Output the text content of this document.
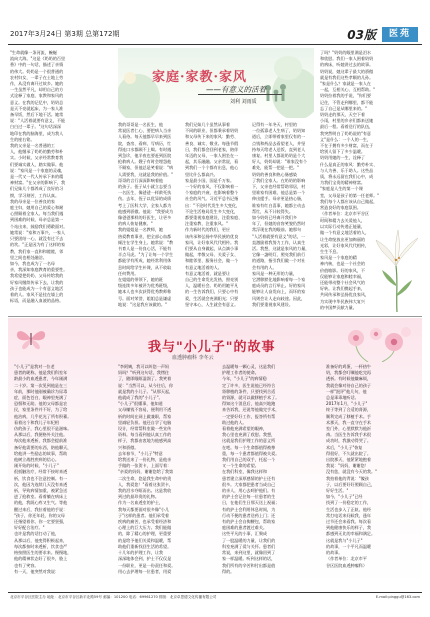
2017年3月24日 第3期 总第172期	03版	医苑
"生命就像一条河流，蜿蜒
流向大海。"这是《奶奶的百里
香》中的一句话，描述了亲情
的伟大。奶奶是一个很普通的
农村妇女，一辈子在土地上劳
作，从没有离开过故乡。她的
一生虽然平凡，却用自己的方
式诠释了家庭、家教和家风的
意义。在我的记忆中，奶奶总
是天不亮就起床，为一家人准
备早饭，然后下地干活。她常
说："人活着就要有意义，不能
白白过一辈子。"这句话深深
地印在我的脑海里，成为我人
生的座右铭。
我的父亲是一名普通的工
人，他继承了奶奶的勤劳和朴
实。小时候，父亲经常教育我
们要诚实做人，踏实做事。他
说："家风是一个家庭的灵魂，
是一代又一代人传承下来的精
神财富。"在父亲的影响下，我
们兄妹几个都养成了良好的习
惯，学习刻苦，工作认真。
我的母亲是一位善良的家
庭主妇，她用自己的爱心和耐
心照顾着全家人。每当我们遇
到困难的时候，母亲总是第一
个站出来，鼓励我们勇敢面对。
她常说："家和万事兴，一家人
只要团结一心，就没有过不去
的坎。"正是因为有了这样的家
教，我们家一直和和睦睦，邻
里之间也相处融洽。
如今，我也成为了一名母
亲，我深知家庭教育的重要性。
我希望把奶奶、父母传给我的
好家风继续传承下去，让我的
孩子也能成为一个有意义地活
着的人。家风不是挂在墙上的
标语，而是融入血液的品格。
家庭·家教·家风
——有意义的活着
刘利 刘雨质
我的哥哥是一名医生，他
常说医者仁心，要把病人当亲
人看待。每天他都早早来到医
院，查房、看病、写病历，忙
得连口水都顾不上喝。有时遇
到急诊，他半夜也要赶到医院
抢救病人。嫂子有时会埋怨他
不顾家，但他总是笑着说："病
人需要我，这就是我的价值。"
哥哥的言行深深影响着他
的孩子。侄子从小就立志要当
一名医生，像爸爸一样救死扶
伤。去年，侄子以优异的成绩
考上了医科大学，全家人都为
他感到骄傲。他说："我要成为
像爸爸那样的好医生，让更多
的病人恢复健康。"
我的姐姐是一名教师，她
热爱教育事业，把全部心血都
倾注在学生身上。她常说："教
书育人是一份良心活，不能有
半点马虎。"为了让每一个学生
都能学有所成，她经常利用休
息时间给学生补课，从不收取
任何费用。
在姐姐的带领下，她的班
级连续多年被评为优秀班级，
她本人也多次获得优秀教师称
号。面对荣誉，姐姐总是谦虚
地说："这是我应该做的。"
我们兄妹几个虽然从事着
不同的职业，但都秉承着奶奶
和父母传下来的家风：勤劳、
善良、诚实、敬业。每逢节假
日，我们都会回到老家，陪伴
年迈的父母，一家人围坐在一
起，其乐融融。父亲常说，看
到我们一个个都有出息，他心
里比什么都高兴。
家是最小国，国是千万家。
一个好的家风，不仅影响着一
个家庭的兴衰，也影响着整个
社会的风气。习近平总书记指
出："不论时代发生多大变化，
不论生活格局发生多大变化，
都要重视家庭建设，注重家庭、
注重家教、注重家风。"
作为新时代的我们，更应
该传承和弘扬中华民族的优良
家风，让好家风代代相传。我
们要从自身做起，从点滴小事
做起，孝敬父母、关爱子女、
和睦邻里、服务社会，做一个
有意义地活着的人。
有意义地活着，就是要让
自己的生命发光发热，照亮别
人，温暖社会。奶奶用她平凡
的一生告诉我们，只要心中有
爱，生活就会充满阳光；只要
坚守本心，人生就会有意义。
记得有一年冬天，村里的
一位孤寡老人生病了，奶奶知
道后，立即带着家里仅有的一
点钱和药品去看望老人，并坚
持每天给老人送饭，直到老人
康复。村里人都说奶奶是个大
好人，奶奶却说："谁家没有个
难处，能帮一把是一把。"
奶奶的善良和热心肠感染
了我们全家人。在奶奶的影响
下，父亲也经常帮助邻居，村
里谁家有困难，他总是第一个
伸出援手。母亲更是热心肠，
谁家有红白喜事，她都主动去
帮忙，从不计较得失。
如今奶奶已经离开我们多
年了，但她的音容笑貌仍然时
常浮现在我的眼前。她那句
"人活着就要有意义"的话，一
直激励着我努力工作，认真生
活。我想，这就是家风的力量，
它像一盏明灯，照亮我们前行
的道路，指引我们做一个对社
会有用的人。
家风是一种无形的力量，
它潜移默化地影响着每一个家
庭成员的言行举止。好的家风
能够让人奋发向上，而坏的家
风则会让人走向歧途。因此，
我们要重视家风建设。
了吗？"奶奶的眼里满是泪水
和欣慰。我们一家人围着奶奶
的病床，听她讲过去的故事。
奶奶说，她这辈子最大的骄傲
就是有我们这些孝顺的儿孙。
"家是什么？家就是一家人在
一起，互相关心、互相帮助。"
奶奶拉着我的手说，"你们要
记住，不管走到哪里，都不能
忘了自己是从哪里来的。"
奶奶走的那天，天空下着
小雨，村里的乡亲们都来送她
最后一程。看着送行的队伍，
我突然明白了奶奶说的"有意
义"是什么：一个人的一生，
不在于拥有多少财富，而在于
给别人留下了多少温暖。
奶奶用她的一生，诠释了
什么是真正的家风：勤劳朴实、
与人为善、乐于助人。这些品
质，将永远留在我们心中，成
为我们宝贵的精神财富。
"家庭是人生的第一个课
堂，父母是孩子的第一任老师。"
我们每个人都应该从自己做起，
营造良好的家庭氛围。
（作者单位：北京市平谷区
时间和精力去关爱他人，
以实际行动传递正能量，
做一个有意义地活着的人，
让生命绽放出更加绚丽的
光彩，让好家风代代相传，
生生不息。
家风是一个家庭的精
神内核，也是一个社会的
价值缩影。好的家风，不
仅能够让家庭和睦幸福，
还能带动整个社会风气的
好转。让我们携起手来，
共同传承和弘扬优良家风，
为实现中华民族伟大复兴
的中国梦贡献力量。
我与"小儿子"的故事
血透肿瘤科 李冬云
"小儿子"是我对一位老
患者的昵称，他是我们科室年
龄最小的血透患者，今年刚满
二十岁。第一次见到他是在三
年前，那时他刚被确诊为尿毒
症，面色苍白，眼神里充满了
恐惧和无助。他的父母都是农
民，家里条件并不好，为了给
他治病，几乎花光了所有积蓄。
看着这个和我儿子年纪相
仿的孩子，我心里很不是滋味。
从那以后，我便格外关注他。
每次他来透析，我都会提前准
备好他需要的东西，陪他聊天，
给他讲一些励志的故事，帮助
他树立战胜疾病的信心。
刚开始的时候，"小儿子"
很抵触治疗，经常不按时来透
析，饮食也不注意控制。有一
次，他因为连续几天没有来透
析，导致病情加重，被紧急送
进了抢救室。看着躺在病床上
的他，我既心疼又生气。等他
醒过来后，我拉着他的手说：
"孩子，你还年轻，你的父母
还指望着你，你一定要坚强，
好好配合治疗。"
也许是我的话打动了他，
从那以后，他变得积极起来，
每次都按时来透析，饮食也严
格按照医生的要求来。慢慢地，
他的精神状态好了很多，脸上
也有了笑容。
有一天，他突然对我说：
"李阿姨，我可以叫您一声妈
妈吗？"听到这句话，我愣住
了，随即眼眶湿润了。我笑着
说："当然可以，从今往后，你
就是我的小儿子。"从那天起，
他就成了我的"小儿子"。
"小儿子"很懂事，他知道
父母赚钱不容易，便利用不透
析的时间在网上做兼职，帮家
里减轻负担。他还自学了电脑
设计，经常帮科室做一些宣传
资料。每当看到他认真工作的
样子，我都由衷地为他感到高
兴和骄傲。
去年春节，"小儿子"特意
给我送来了一份礼物，是他亲
手做的一张贺卡，上面写着：
"亲爱的妈妈，谢谢您给了我第
二次生命，您是我生命中的贵
人，我爱您！"看着这张贺卡，
我的泪水夺眶而出。这是我收
到过的最珍贵的礼物。
作为一名血透室的护士，
我每天都要面对很多像"小儿
子"这样的患者。他们承受着
疾病的痛苦，也承受着经济和
心理上的巨大压力。我们能做
的，除了精心的护理，更重要
的是给予他们关爱和温暖，帮
助他们重新找回生活的希望。
十几年的护理工作，让我
深深地体会到，护士不仅仅是
一份职业，更是一份责任和爱。
用心去护理每一位患者，用爱
去温暖每一颗心灵，这是我们
护理工作者的使命。
今年，"小儿子"的病情稳
定了许多，医生说他已经符合
肾移植的条件，只要找到合适
的肾源，就可以做移植手术了。
得知这个消息后，他高兴地跑
来告诉我，还说等他做完手术，
一定要好好工作，报答所有帮
助过他的人。
看着他充满希望的眼神，
我心里也充满了欣慰。我想，
这就是我们护理工作的意义所
在吧。每一个生命都值得被尊
重，每一个患者都值得被关爱。
我们用自己的双手，托起一个
又一个生命的希望。
在我们科室，像我这样和
患者建立深厚感情的护士还有
很多。大家都把患者当成自己
的亲人，用心去呵护他们。有
的护士会记住每一位患者的生
日，在他们生日那天送上祝福；
有的护士会利用休息时间，为
行动不便的患者送药上门；还
有的护士会自掏腰包，帮助家
庭困难的患者渡过难关。
这些平凡的小事，汇聚成
了一股温暖的力量，让我们的
科室充满了爱与关怀。患者们
常说，来到这里，就像回到了
家一样温暖。听到这样的话，
我们所有的辛苦和付出都是值
得的。
准备好的鸡蛋，一杯热牛
奶，我都会叮嘱他吃完再
透析。有时候他嫌麻烦，
我就会像对待自己的孩子
一样"批评"他几句，他
总是乖乖地听话。
2017年1月，"小儿子"
终于等到了合适的肾源，
顺利完成了移植手术。手
术那天，我一直守在手术
室门外，心里默默为他祈
祷。当医生告诉我手术很
成功时，我激动得哭了。
术后，"小儿子"恢复
得很好，不久就出院了。
出院那天，他紧紧地抱着
我说："妈妈，谢谢您！
没有您，就没有今天的我。"
我拍着他的背说："傻孩
子，以后要好好照顾自己，
好好生活。"
如今，"小儿子"已经
找到了一份稳定的工作，
生活也步入了正轨。他经
常打电话来问候我，逢年
过节还会来看我。每次看
到他健康快乐的样子，我
都感到无比的幸福和满足。
这就是我与"小儿子"
的故事，一个平凡而温暖
的故事。
（作者单位：北京市平
谷区医院血透肿瘤科）
北京市平谷区医院主办 地址：北京市平谷区新平北路59号 邮编：101200 电话：69961270 排版：北京卓思德文化传播有限公司	E-mail:pinggu@163.com
